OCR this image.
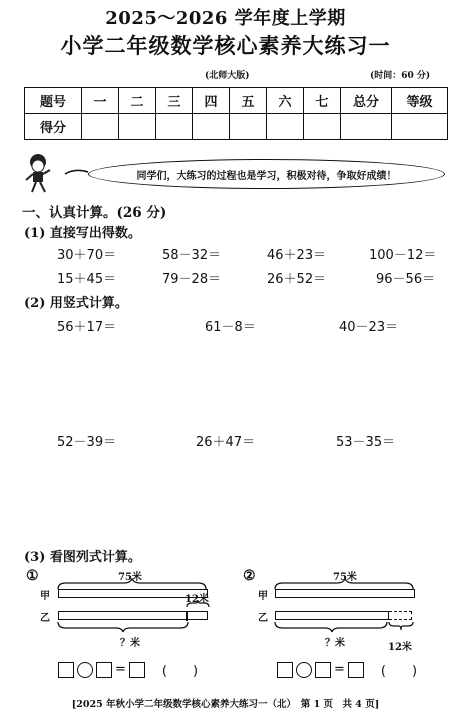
2025～2026 学年度上学期
小学二年级数学核心素养大练习一
(北师大版)	(时间：60 分)
题号	一	二	三	四	五	六	七	总分	等级
得分									
同学们，大练习的过程也是学习，积极对待，争取好成绩！
一、认真计算。(26 分)
(1) 直接写出得数。
30＋70＝	58－32＝	46＋23＝	100－12＝
15＋45＝	79－28＝	26＋52＝	96－56＝
(2) 用竖式计算。
56＋17＝	61－8＝	40－23＝
52－39＝	26＋47＝	53－35＝
(3) 看图列式计算。
①	75米
甲	12米
乙
？米
②	75米
甲
乙
？米	12米
=	(　　)	=	(　　)
[2025 年秋小学二年级数学核心素养大练习一（北）　第 1 页　共 4 页]
